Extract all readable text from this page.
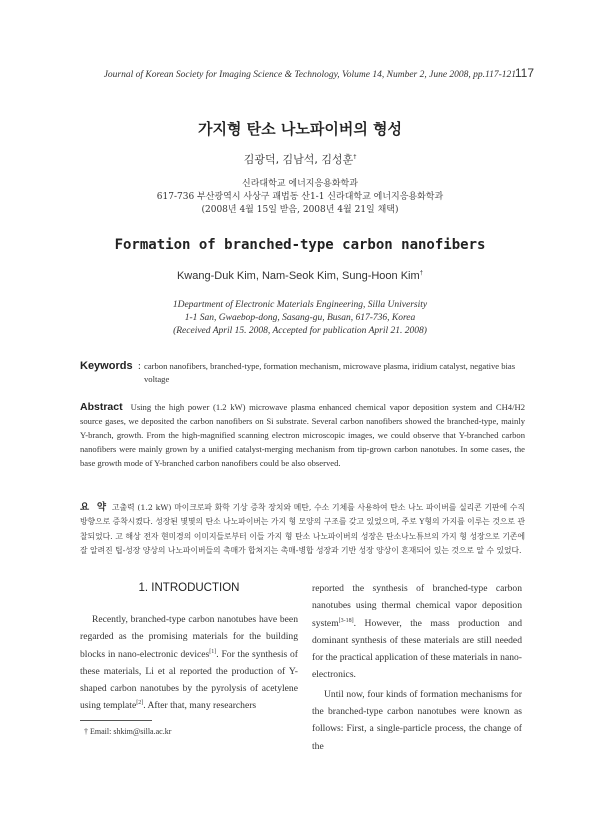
Journal of Korean Society for Imaging Science & Technology, Volume 14, Number 2, June 2008, pp.117-121
117
가지형 탄소 나노파이버의 형성
김광덕, 김남석, 김성훈†
신라대학교 에너지응용화학과
617-736 부산광역시 사상구 괘법동 산1-1 신라대학교 에너지응용화학과
(2008년 4월 15일 받음, 2008년 4월 21일 채택)
Formation of branched-type carbon nanofibers
Kwang-Duk Kim, Nam-Seok Kim, Sung-Hoon Kim†
1Department of Electronic Materials Engineering, Silla University
1-1 San, Gwaebop-dong, Sasang-gu, Busan, 617-736, Korea
(Received April 15. 2008, Accepted for publication April 21. 2008)
Keywords : carbon nanofibers, branched-type, formation mechanism, microwave plasma, iridium catalyst, negative bias voltage
Abstract Using the high power (1.2 kW) microwave plasma enhanced chemical vapor deposition system and CH4/H2 source gases, we deposited the carbon nanofibers on Si substrate. Several carbon nanofibers showed the branched-type, mainly Y-branch, growth. From the high-magnified scanning electron microscopic images, we could observe that Y-branched carbon nanofibers were mainly grown by a unified catalyst-merging mechanism from tip-grown carbon nanotubes. In some cases, the base growth mode of Y-branched carbon nanofibers could be also observed.
요 약 고출력 (1.2 kW) 마이크로파 화학 기상 증착 장치와 메탄, 수소 기체를 사용하여 탄소 나노 파이버를 실리콘 기판에 수직방향으로 증착시켰다. 성장된 몇몇의 탄소 나노파이버는 가지 형 모양의 구조를 갖고 있었으며, 주로 Y형의 가지를 이루는 것으로 관찰되었다. 고 해상 전자 현미경의 이미지들로부터 이들 가지 형 탄소 나노파이버의 성장은 탄소나노튜브의 가지 형 성장으로 기존에 잘 알려진 팁-성장 양상의 나노파이버들의 촉매가 합쳐지는 촉매-병합 성장과 기반 성장 양상이 혼재되어 있는 것으로 알 수 있었다.
1. INTRODUCTION

Recently, branched-type carbon nanotubes have been regarded as the promising materials for the building blocks in nano-electronic devices[1]. For the synthesis of these materials, Li et al reported the production of Y-shaped carbon nanotubes by the pyrolysis of acetylene using template[2]. After that, many researchers

reported the synthesis of branched-type carbon nanotubes using thermal chemical vapor deposition system[3-18]. However, the mass production and dominant synthesis of these materials are still needed for the practical application of these materials in nano-electronics.

Until now, four kinds of formation mechanisms for the branched-type carbon nanotubes were known as follows: First, a single-particle process, the change of the

† Email: shkim@silla.ac.kr
